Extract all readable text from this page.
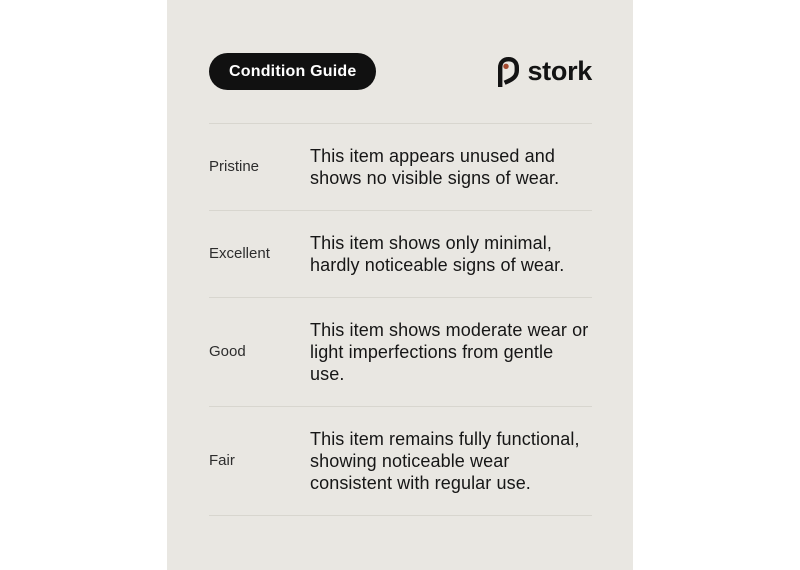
Condition Guide	stork
Pristine
This item appears unused and shows no visible signs of wear.
Excellent
This item shows only minimal, hardly noticeable signs of wear.
Good
This item shows moderate wear or light imperfections from gentle use.
Fair
This item remains fully functional, showing noticeable wear consistent with regular use.
